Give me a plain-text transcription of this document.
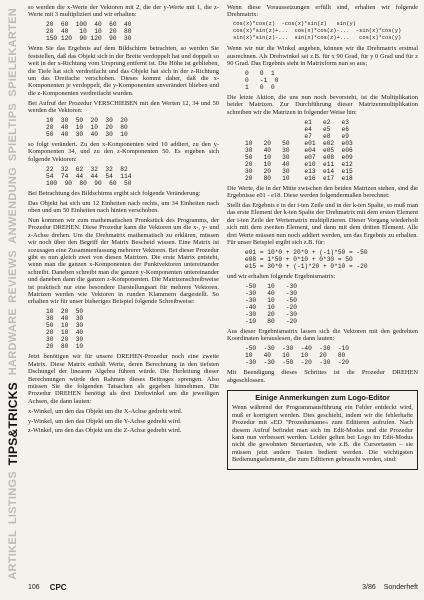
SPIELEKARTEN
SPIELTIPS
ANWENDUNG
REVIEWS
HARDWARE
TIPS&TRICKS
LISTINGS
ARTIKEL

so werden die x-Werte der Vektoren mit 2, die der y-Werte mit 1, die z-Werte mit 3 multipliziert und wir erhalten:

20  60  100  40  60  40
20  40   10  10  20  80
150 120  90 120  90  30

Wenn Sie das Ergebnis auf dem Bildschirm betrachten, so werden Sie feststellen, daß das Objekt sich in der Breite verdoppelt hat und doppelt so weit in der x-Richtung vom Ursprung entfernt ist. Die Höhe ist geblieben, die Tiefe hat sich verdreifacht und das Objekt hat sich in der z-Richtung um das Dreifache verschoben. Dieses kommt daher, daß die x-Komponenten je verdoppelt, die y-Komponenten unverändert blieben und die z-Komponenten verdreifacht wurden.

Bei Aufruf der Prozedur VERSCHIEBEN mit den Werten 12, 34 und 50 werden die Vektoren:

10  30  50  20  30  20
20  40  10  10  20  80
50  40  30  40  30  10

so folgt verändert. Zu den x-Komponenten wird 10 addiert, zu den y-Komponenten 34, und zu den z-Komponenten 50. Es ergeben sich folgende Vektoren:

22  32  62  32  32  82
54  74  44  44  54  114
100  90  80  90  60  50

Bei Betrachtung des Bildschirms ergibt sich folgende Veränderung:

Das Objekt hat sich um 12 Einheiten nach rechts, um 34 Einheiten nach oben und um 50 Einheiten nach hinten verschoben.

Nun kommen wir zum mathematischen Prunkstück des Programms, der Prozedur DREHEN. Diese Prozedur kann die Vektoren um die x-, y- und z-Achse drehen. Um die Drehmatrix mathematisch zu erklären, müssen wir noch über den Begriff der Matrix Bescheid wissen. Eine Matrix ist sozusagen eine Zusammenfassung mehrerer Vektoren. Bei dieser Prozedur gibt es nun gleich zwei von diesen Matrizen. Die erste Matrix entsteht, wenn man die ganzen x-Komponenten der Punktvektoren untereinander schreibt. Daneben schreibt man die ganzen y-Komponenten untereinander und daneben dann die ganzen z-Komponenten. Die Matrizenschreibweise ist praktisch nur eine besondere Darstellungsart für mehrere Vektoren. Matrizen werden wie Vektoren in runden Klammern dargestellt. So erhalten wir für unser bisheriges Beispiel folgende Schreibweise:

10  20  50
30  40  30
50  10  30
20  10  40
30  20  30
20  80  10

Jetzt benötigen wir für unsere DREHEN-Prozedur noch eine zweite Matrix. Diese Matrix enthält Werte, deren Berechnung in den tiefsten Dschungel der linearen Algebra führen würde. Die Herleitung dieser Berechnungen würde den Rahmen dieses Beitrages sprengen. Also müssen Sie die folgenden Tatsachen als gegeben hinnehmen. Die Prozedur DREHEN benötigt als drei Drehwinkel um die jeweiligen Achsen, die dann lauten:

x-Winkel, um den das Objekt um die X-Achse gedreht wird.

y-Winkel, um den das Objekt um die Y-Achse gedreht wird.

z-Winkel, um den das Objekt um die Z-Achse gedreht wird.

Wenn diese Voraussetzungen erfüllt sind, erhalten wir folgende Drehmatrix:

cos(x)*cos(z)  -cos(x)*sin(z)   sin(y)
cos(x)*sin(z)+...  cos(x)*cos(z)-...  -sin(x)*cos(y)
sin(x)*sin(z)-...  sin(x)*cos(z)+...   cos(x)*cos(y)

Wenn wir nur die Winkel angeben, können wir die Drehmatrix erstmal ausrechnen. Als Drehwinkel sei z.B. für x 90 Grad, für y 0 Grad und für z 90 Grad. Das Ergebnis sieht in Matrixform nun so aus:

0   0  1
0   -1  0
1   0  0

Die letzte Aktion, die uns nun noch bevorsteht, ist die Multiplikation beider Matrizen. Zur Durchführung dieser Matrizenmultiplikation schreiben wir die Matrizen in folgender Weise hin:

e1   e2   e3
e4   e5   e6
e7   e8   e9
10   20   50    e01  e02  e03
30   40   30    e04  e05  e06
50   10   30    e07  e08  e09
20   10   40    e10  e11  e12
30   20   30    e13  e14  e15
20   80   10    e16  e17  e18

Die Werte, die in der Mitte zwischen den beiden Matrizen stehen, sind die Ergebnisse e01 - e18. Diese werden folgendermaßen berechnet:

Stellt das Ergebnis e in der i-ten Zeile und in der k-ten Spalte, so muß man das erste Element der k-ten Spalte der Drehmatrix mit dem ersten Element der i-ten Zeile der Wertematrix multiplizieren. Dieser Vorgang wiederholt sich mit dem zweiten Element, und dann mit dem dritten Element. Alle drei Werte müssen nun noch addiert werden, um das Ergebnis zu erhalten. Für unser Beispiel ergibt sich z.B. für:

e01 = 10*0 + 20*0 + (-1)*50 = -50
e08 = 1*50 + 0*10 + 0*30 = 50
e15 = 30*0 + (-1)*20 + 0*10 = -20

und wir erhalten folgende Ergebnismatrix:

-50   10   -30
-30   40   -30
-30   10   -50
-40   10   -20
-30   20   -30
-10   80   -20

Aus dieser Ergebnismatrix lassen sich die Vektoren mit den gedrehten Koordinaten herauslesen, die dann lauten:

-50  -30  -30  -40  -30  -10
10   40   10   10   20   80
-30  -30  -50  -20  -30  -20

Mit Beendigung dieses Schrittes ist die Prozedur DREHEN abgeschlossen.

Einige Anmerkungen zum Logo-Editor

Wenn während der Programmausführung ein Fehler entdeckt wird, muß er korrigiert werden. Dies geschieht, indem wir die fehlerhafte Prozedur mit »ED "Prozedurname« zum Editieren aufrufen. Nach diesem Aufruf befindet man sich im Edit-Modus und die Prozedur kann nun verbessert werden. Leider gelten bei Logo im Edit-Modus nicht die gewohnten Steuertasten, wie z.B. die Cursortasten – sie müssen jetzt andere Tasten bedient werden. Die wichtigsten Bedienungselemente, die zum Editieren gebraucht werden, sind:

106 CPC	3/86 Sonderheft
